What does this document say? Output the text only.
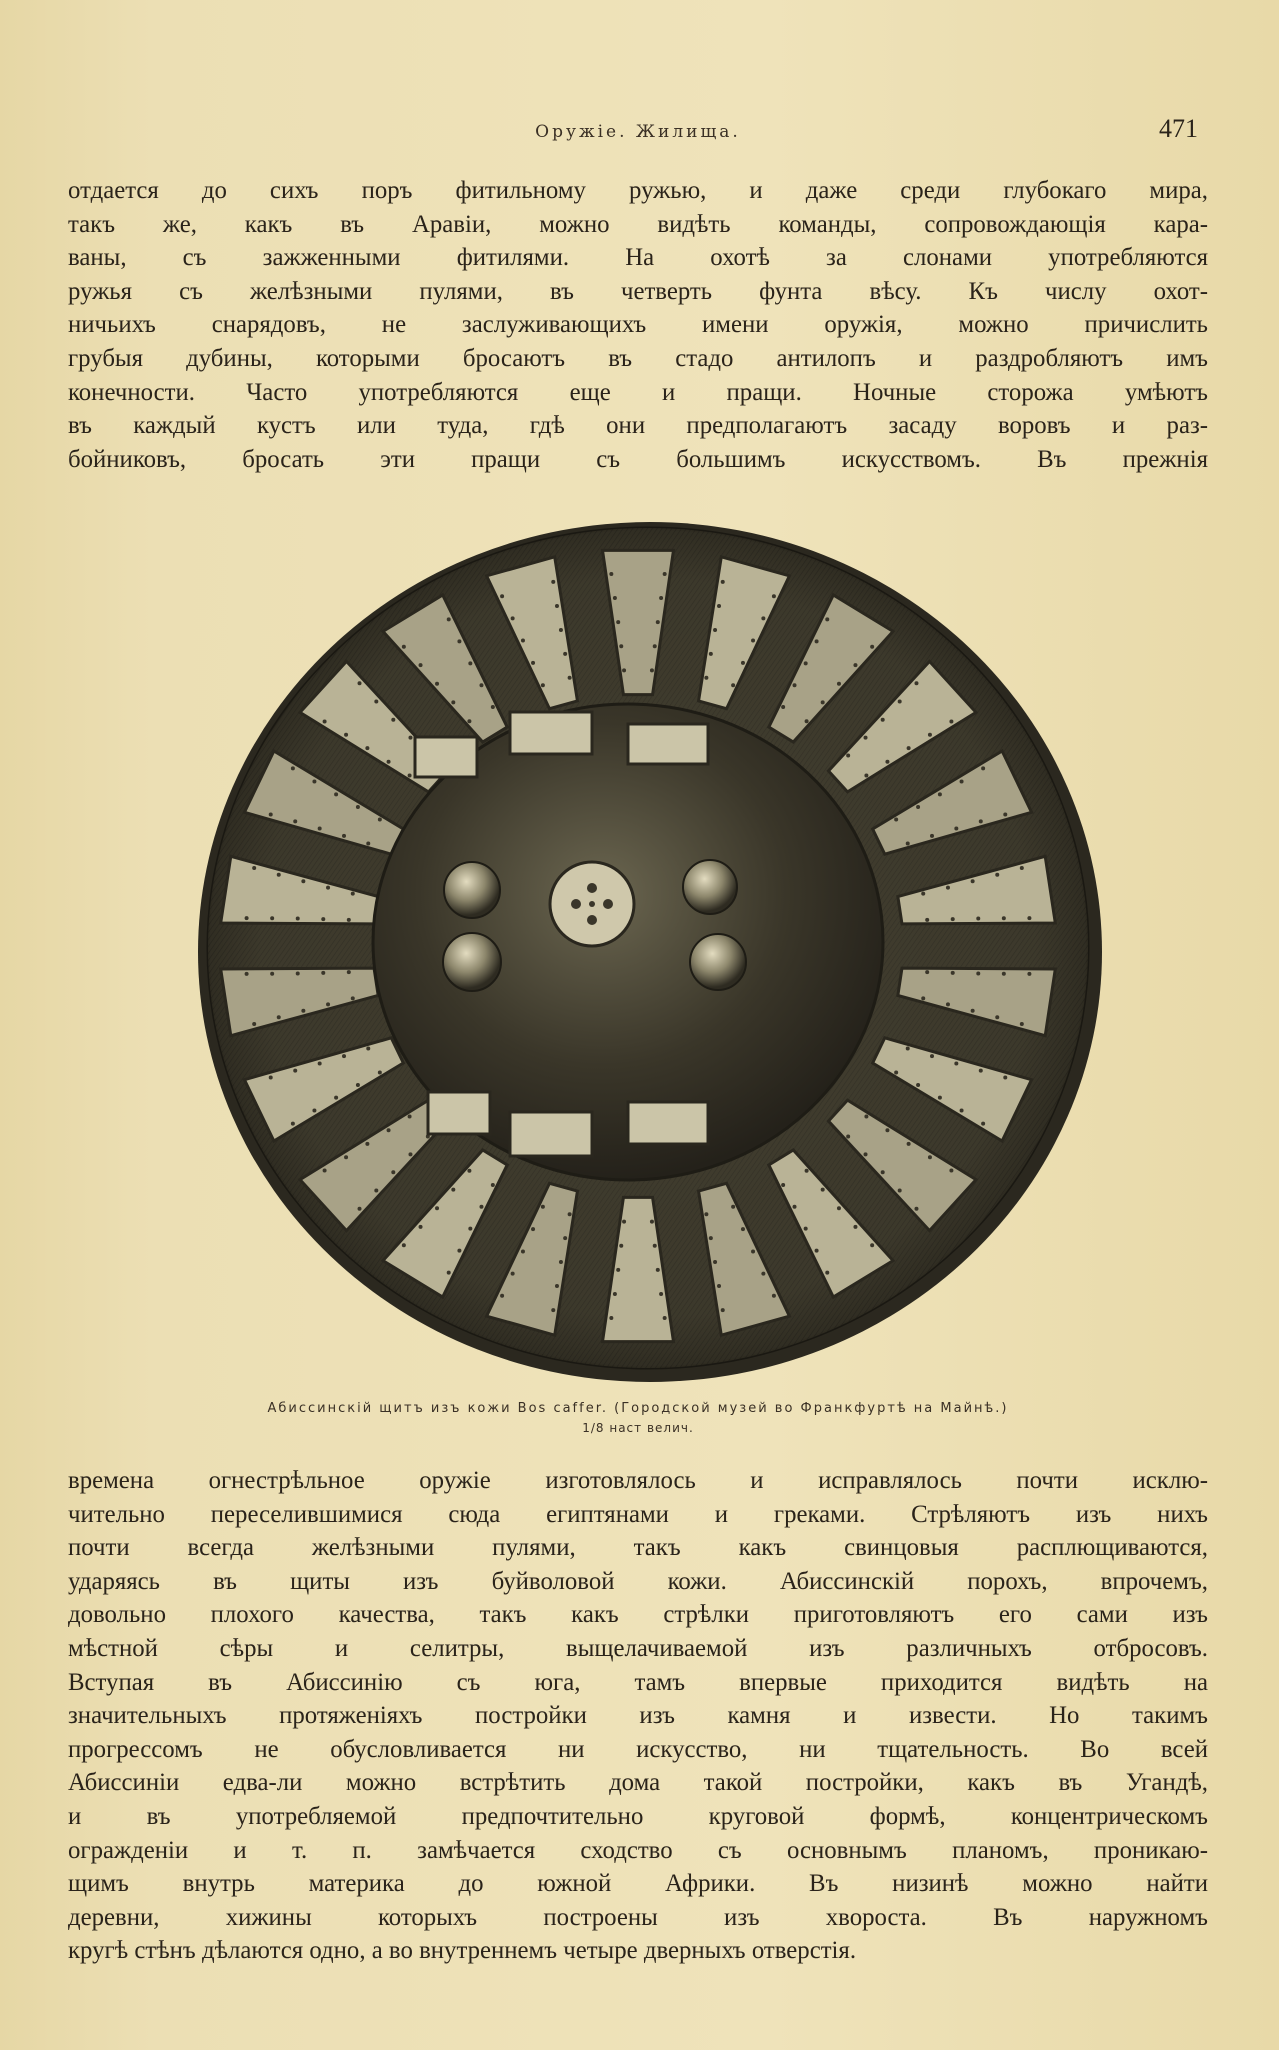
Оружіе. Жилища.	471
отдается до сихъ поръ фитильному ружью, и даже среди глубокаго мира,
такъ же, какъ въ Аравіи, можно видѣть команды, сопровождающія кара-
ваны, съ зажженными фитилями. На охотѣ за слонами употребляются
ружья съ желѣзными пулями, въ четверть фунта вѣсу. Къ числу охот-
ничьихъ снарядовъ, не заслуживающихъ имени оружія, можно причислить
грубыя дубины, которыми бросаютъ въ стадо антилопъ и раздробляютъ имъ
конечности. Часто употребляются еще и пращи. Ночные сторожа умѣютъ
въ каждый кустъ или туда, гдѣ они предполагаютъ засаду воровъ и раз-
бойниковъ, бросать эти пращи съ большимъ искусствомъ. Въ прежнія
Абиссинскій щитъ изъ кожи Bos caffer. (Городской музей во Франкфуртѣ на Майнѣ.)
1/8 наст велич.
времена огнестрѣльное оружіе изготовлялось и исправлялось почти исклю-
чительно переселившимися сюда египтянами и греками. Стрѣляютъ изъ нихъ
почти всегда желѣзными пулями, такъ какъ свинцовыя расплющиваются,
ударяясь въ щиты изъ буйволовой кожи. Абиссинскій порохъ, впрочемъ,
довольно плохого качества, такъ какъ стрѣлки приготовляютъ его сами изъ
мѣстной сѣры и селитры, выщелачиваемой изъ различныхъ отбросовъ.
Вступая въ Абиссинію съ юга, тамъ впервые приходится видѣть на
значительныхъ протяженіяхъ постройки изъ камня и извести. Но такимъ
прогрессомъ не обусловливается ни искусство, ни тщательность. Во всей
Абиссиніи едва-ли можно встрѣтить дома такой постройки, какъ въ Угандѣ,
и въ употребляемой предпочтительно круговой формѣ, концентрическомъ
огражденіи и т. п. замѣчается сходство съ основнымъ планомъ, проникаю-
щимъ внутрь материка до южной Африки. Въ низинѣ можно найти
деревни, хижины которыхъ построены изъ хвороста. Въ наружномъ
кругѣ стѣнъ дѣлаются одно, а во внутреннемъ четыре дверныхъ отверстія.
